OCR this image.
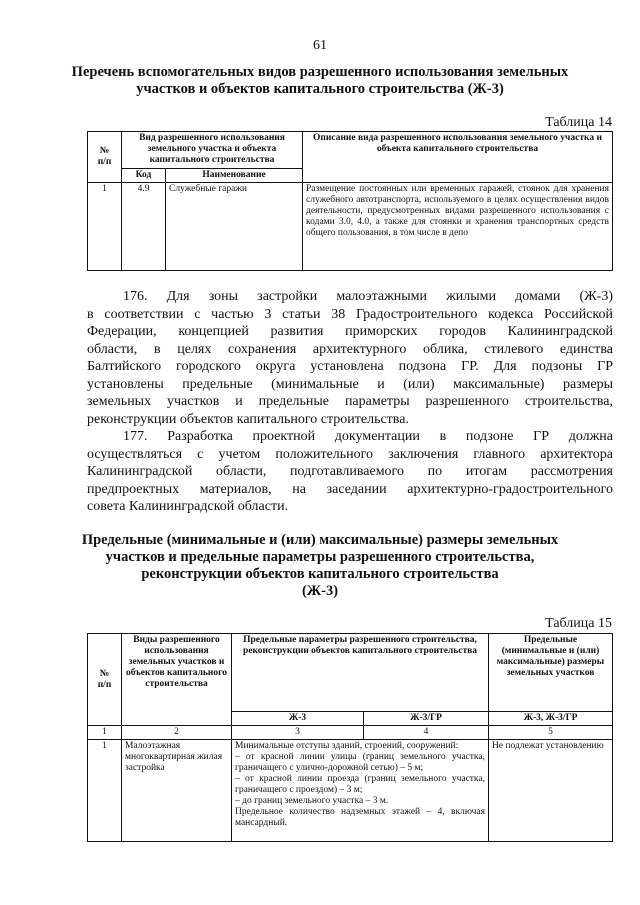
61
Перечень вспомогательных видов разрешенного использования земельных
участков и объектов капитального строительства (Ж-3)
Таблица 14
№
п/п	Вид разрешенного использования земельного участка и объекта капитального строительства		Описание вида разрешенного использования земельного участка и объекта капитального строительства
	Код	Наименование	
1	4.9	Служебные гаражи	Размещение постоянных или временных гаражей, стоянок для хранения служебного автотранспорта, используемого в целях осуществления видов деятельности, предусмотренных видами разрешенного использования с кодами 3.0, 4.0, а также для стоянки и хранения транспортных средств общего пользования, в том числе в депо
176. Для зоны застройки малоэтажными жилыми домами (Ж-3)
в соответствии с частью 3 статьи 38 Градостроительного кодекса Российской
Федерации, концепцией развития приморских городов Калининградской
области, в целях сохранения архитектурного облика, стилевого единства
Балтийского городского округа установлена подзона ГР. Для подзоны ГР
установлены предельные (минимальные и (или) максимальные) размеры
земельных участков и предельные параметры разрешенного строительства,
реконструкции объектов капитального строительства.
177. Разработка проектной документации в подзоне ГР должна
осуществляться с учетом положительного заключения главного архитектора
Калининградской области, подготавливаемого по итогам рассмотрения
предпроектных материалов, на заседании архитектурно-градостроительного
совета Калининградской области.
Предельные (минимальные и (или) максимальные) размеры земельных
участков и предельные параметры разрешенного строительства,
реконструкции объектов капитального строительства
(Ж-3)
Таблица 15
№
п/п	Виды разрешенного использования земельных участков и объектов капитального строительства	Предельные параметры разрешенного строительства, реконструкции объектов капитального строительства		Предельные (минимальные и (или) максимальные) размеры земельных участков
		Ж-3	Ж-3/ГР	Ж-3, Ж-3/ГР
1	2	3	4	5
1	Малоэтажная многоквартирная жилая застройка	Минимальные отступы зданий, строений, сооружений:
– от красной линии улицы (границ земельного участка, граничащего с улично-дорожной сетью) – 5 м;
– от красной линии проезда (границ земельного участка, граничащего с проездом) – 3 м;
– до границ земельного участка – 3 м.
Предельное количество надземных этажей – 4, включая мансардный.		Не подлежат установлению
